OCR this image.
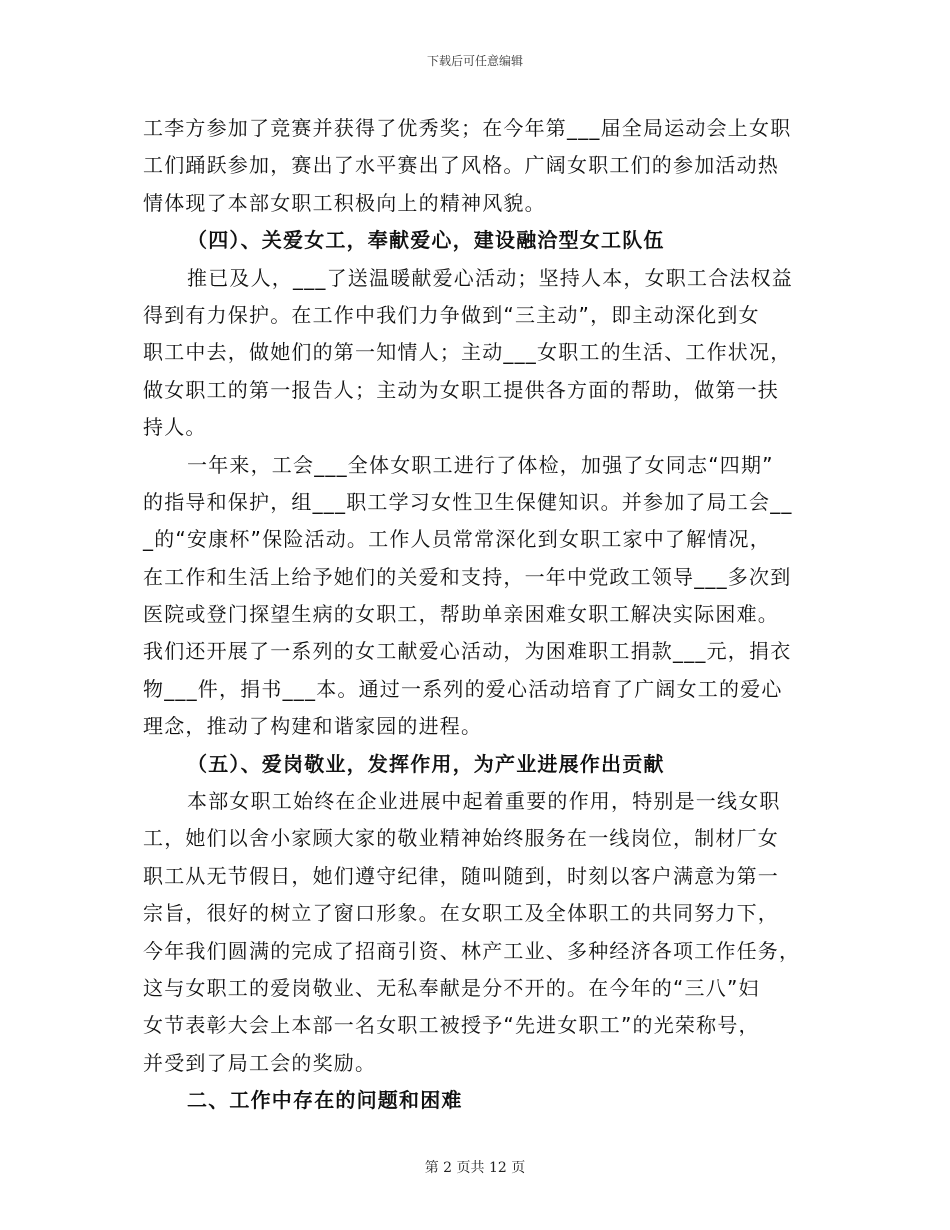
下载后可任意编辑
工李方参加了竞赛并获得了优秀奖；在今年第___届全局运动会上女职
工们踊跃参加，赛出了水平赛出了风格。广阔女职工们的参加活动热
情体现了本部女职工积极向上的精神风貌。
（四）、关爱女工，奉献爱心，建设融洽型女工队伍
推已及人，___了送温暖献爱心活动；坚持人本，女职工合法权益
得到有力保护。在工作中我们力争做到“三主动”，即主动深化到女
职工中去，做她们的第一知情人；主动___女职工的生活、工作状况，
做女职工的第一报告人；主动为女职工提供各方面的帮助，做第一扶
持人。
一年来，工会___全体女职工进行了体检，加强了女同志“四期”
的指导和保护，组___职工学习女性卫生保健知识。并参加了局工会__
_的“安康杯”保险活动。工作人员常常深化到女职工家中了解情况，
在工作和生活上给予她们的关爱和支持，一年中党政工领导___多次到
医院或登门探望生病的女职工，帮助单亲困难女职工解决实际困难。
我们还开展了一系列的女工献爱心活动，为困难职工捐款___元，捐衣
物___件，捐书___本。通过一系列的爱心活动培育了广阔女工的爱心
理念，推动了构建和谐家园的进程。
（五）、爱岗敬业，发挥作用，为产业进展作出贡献
本部女职工始终在企业进展中起着重要的作用，特别是一线女职
工，她们以舍小家顾大家的敬业精神始终服务在一线岗位，制材厂女
职工从无节假日，她们遵守纪律，随叫随到，时刻以客户满意为第一
宗旨，很好的树立了窗口形象。在女职工及全体职工的共同努力下，
今年我们圆满的完成了招商引资、林产工业、多种经济各项工作任务，
这与女职工的爱岗敬业、无私奉献是分不开的。在今年的“三八”妇
女节表彰大会上本部一名女职工被授予“先进女职工”的光荣称号，
并受到了局工会的奖励。
二、工作中存在的问题和困难
第 2 页共 12 页
